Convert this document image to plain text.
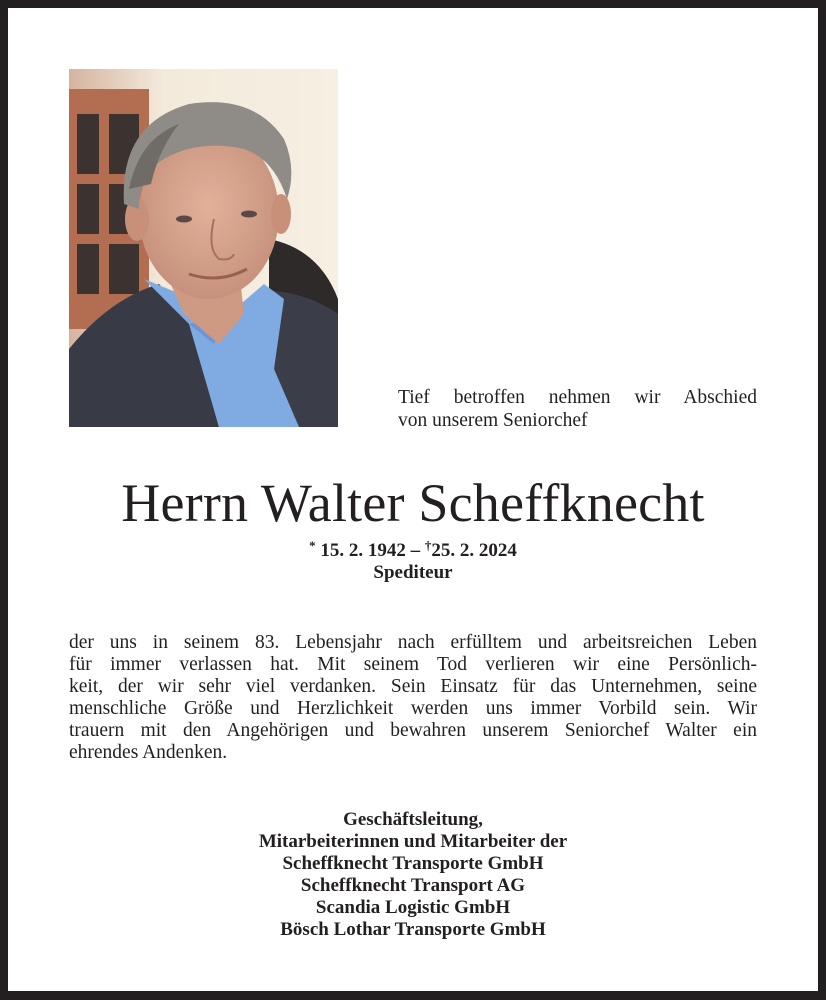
Tief betroffen nehmen wir Abschied
von unserem Seniorchef
Herrn Walter Scheffknecht
* 15. 2. 1942 – †25. 2. 2024
Spediteur

der uns in seinem 83. Lebensjahr nach erfülltem und arbeitsreichen Leben
für immer verlassen hat. Mit seinem Tod verlieren wir eine Persönlich-
keit, der wir sehr viel verdanken. Sein Einsatz für das Unternehmen, seine
menschliche Größe und Herzlichkeit werden uns immer Vorbild sein. Wir
trauern mit den Angehörigen und bewahren unserem Seniorchef Walter ein
ehrendes Andenken.

Geschäftsleitung,
Mitarbeiterinnen und Mitarbeiter der
Scheffknecht Transporte GmbH
Scheffknecht Transport AG
Scandia Logistic GmbH
Bösch Lothar Transporte GmbH
